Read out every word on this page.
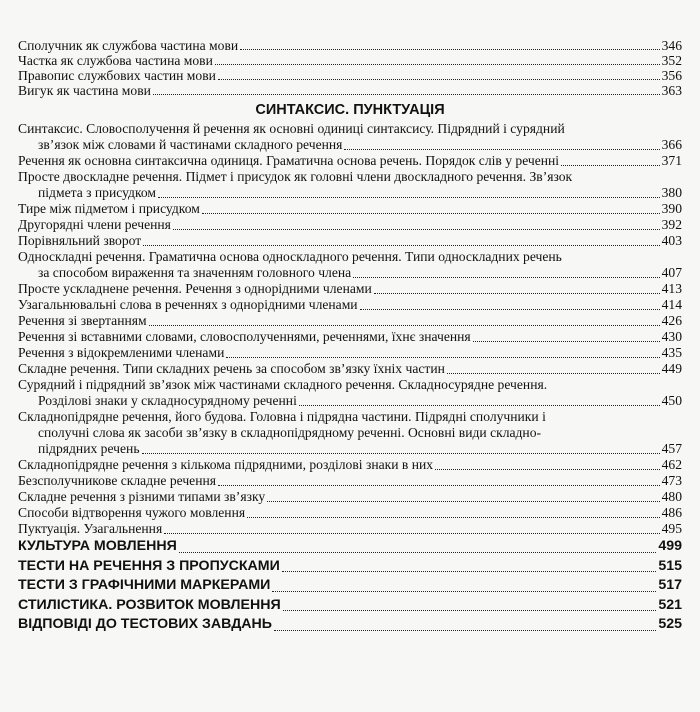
Сполучник як службова частина мови	346
Частка як службова частина мови	352
Правопис службових частин мови	356
Вигук як частина мови	363
СИНТАКСИС. ПУНКТУАЦІЯ
Синтаксис. Словосполучення й речення як основні одиниці синтаксису. Підрядний і сурядний
зв’язок між словами й частинами складного речення	366
Речення як основна синтаксична одиниця. Граматична основа речень. Порядок слів у реченні	371
Просте двоскладне речення. Підмет і присудок як головні члени двоскладного речення. Зв’язок
підмета з присудком	380
Тире між підметом і присудком	390
Другорядні члени речення	392
Порівняльний зворот	403
Односкладні речення. Граматична основа односкладного речення. Типи односкладних речень
за способом вираження та значенням головного члена	407
Просте ускладнене речення. Речення з однорідними членами	413
Узагальнювальні слова в реченнях з однорідними членами	414
Речення зі звертанням	426
Речення зі вставними словами, словосполученнями, реченнями, їхнє значення	430
Речення з відокремленими членами	435
Складне речення. Типи складних речень за способом зв’язку їхніх частин	449
Сурядний і підрядний зв’язок між частинами складного речення. Складносурядне речення.
Розділові знаки у складносурядному реченні	450
Складнопідрядне речення, його будова. Головна і підрядна частини. Підрядні сполучники і
сполучні слова як засоби зв’язку в складнопідрядному реченні. Основні види складно-
підрядних речень	457
Складнопідрядне речення з кількома підрядними, розділові знаки в них	462
Безсполучникове складне речення	473
Складне речення з різними типами зв’язку	480
Способи відтворення чужого мовлення	486
Пуктуація. Узагальнення	495
КУЛЬТУРА МОВЛЕННЯ	499
ТЕСТИ НА РЕЧЕННЯ З ПРОПУСКАМИ	515
ТЕСТИ З ГРАФІЧНИМИ МАРКЕРАМИ	517
СТИЛІСТИКА. РОЗВИТОК МОВЛЕННЯ	521
ВІДПОВІДІ ДО ТЕСТОВИХ ЗАВДАНЬ	525
